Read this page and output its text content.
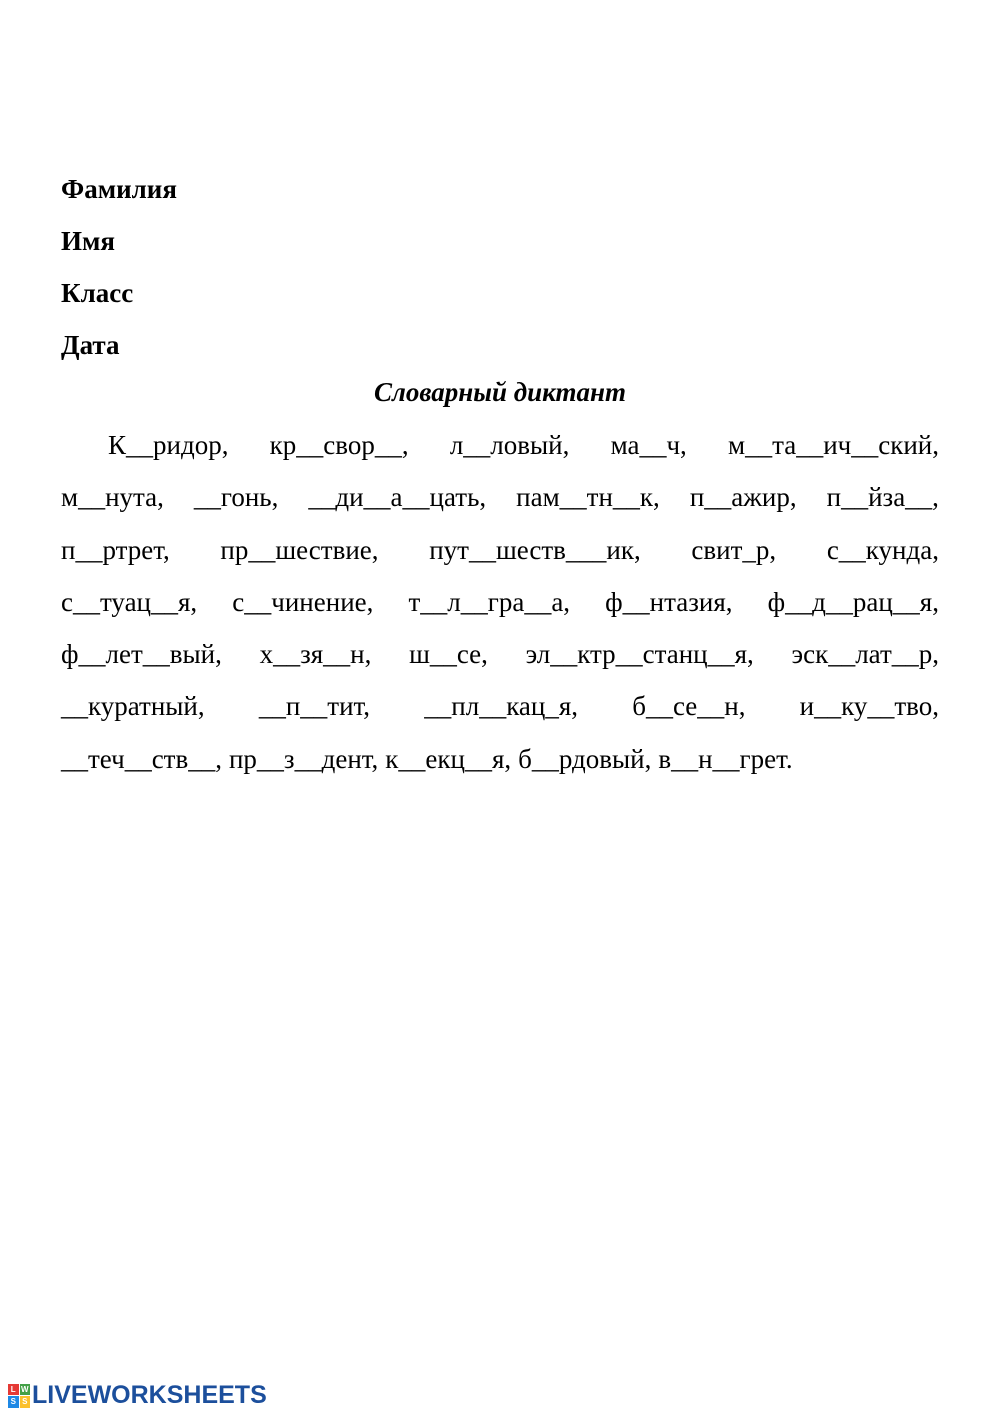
Фамилия
Имя
Класс
Дата
Словарный диктант
К__ридор, кр__свор__, л__ловый, ма__ч, м__та__ич__ский,
м__нута, __гонь, __ди__а__цать, пам__тн__к, п__ажир, п__йза__,
п__ртрет, пр__шествие, пут__шеств___ик, свит_р, с__кунда,
с__туац__я, с__чинение, т__л__гра__а, ф__нтазия, ф__д__рац__я,
ф__лет__вый, х__зя__н, ш__се, эл__ктр__станц__я, эск__лат__р,
__куратный, __п__тит, __пл__кац_я, б__се__н, и__ку__тво,
__теч__ств__, пр__з__дент, к__екц__я, б__рдовый, в__н__грет.
L W
S S LIVEWORKSHEETS
